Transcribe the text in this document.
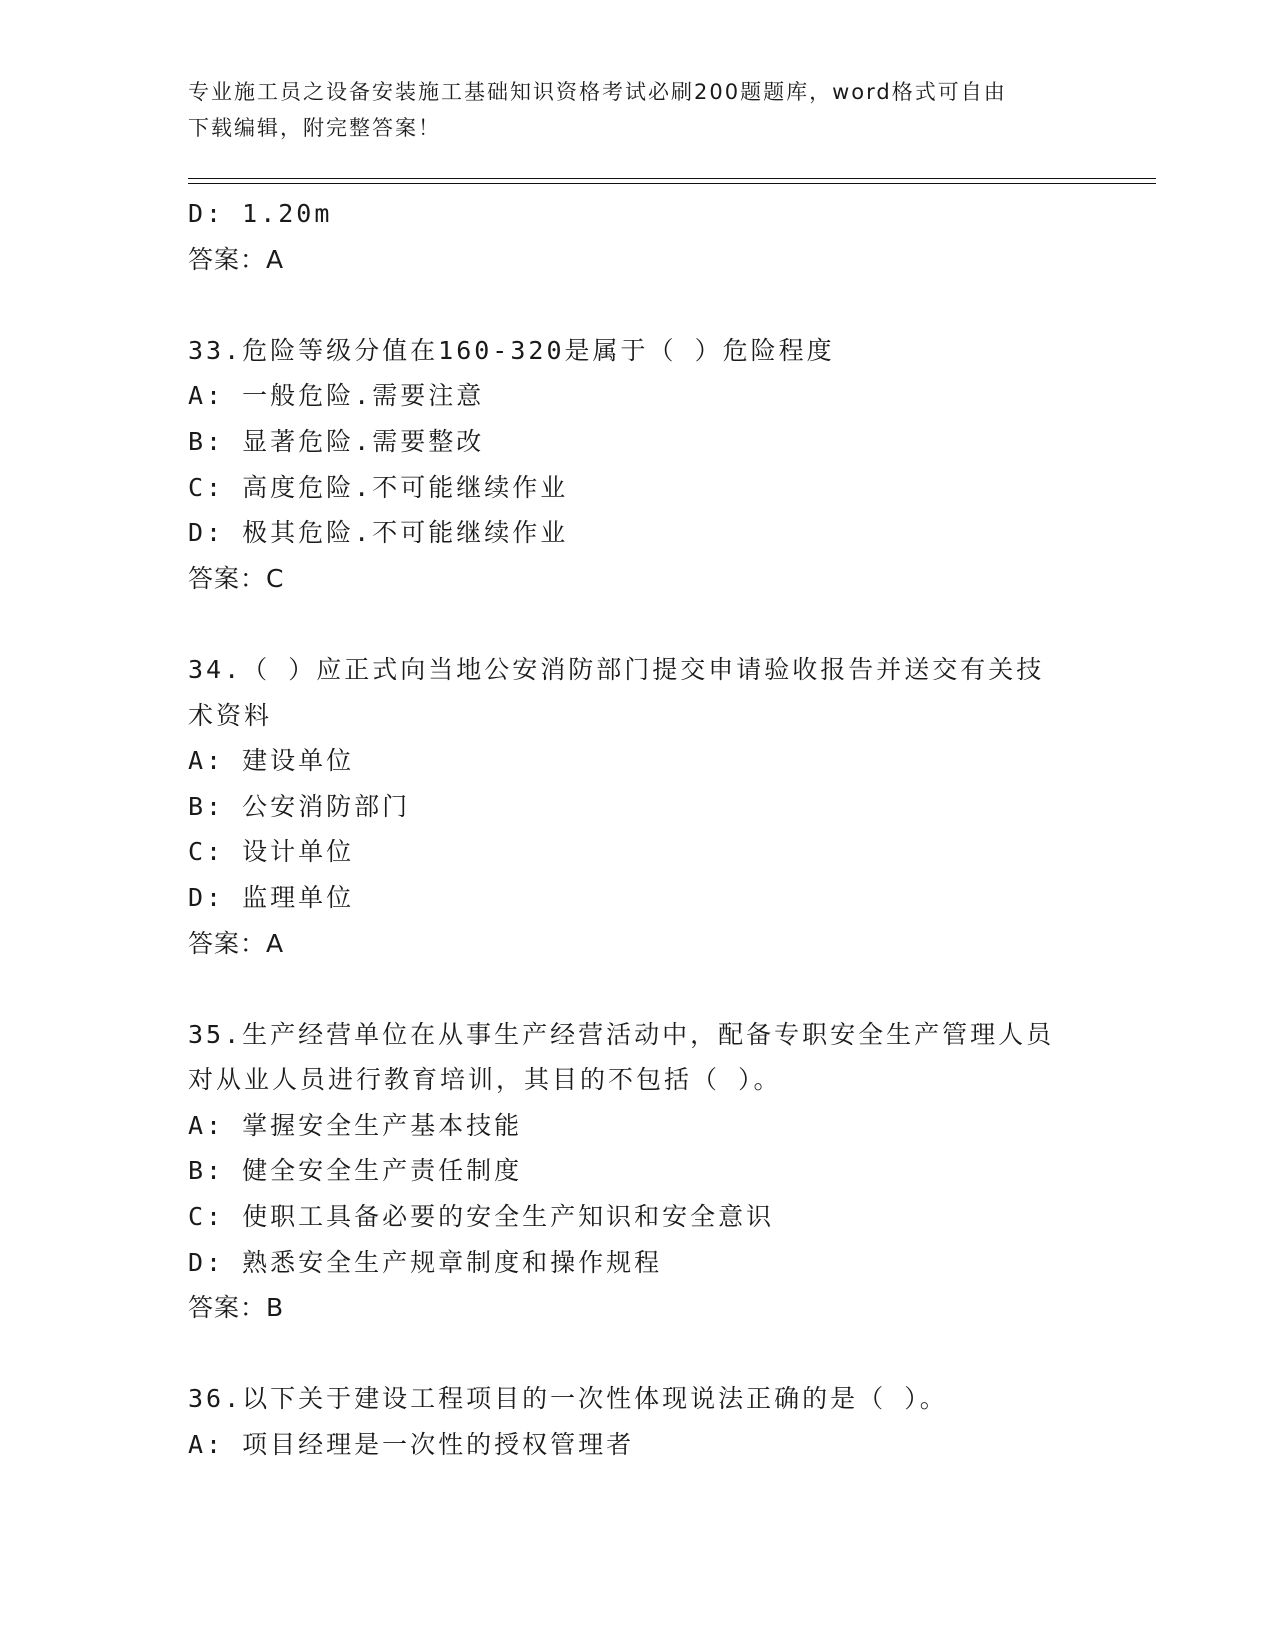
专业施工员之设备安装施工基础知识资格考试必刷200题题库，word格式可自由
下载编辑，附完整答案！
D: 1.20m
答案：A
33.危险等级分值在160-320是属于（ ）危险程度
A: 一般危险.需要注意
B: 显著危险.需要整改
C: 高度危险.不可能继续作业
D: 极其危险.不可能继续作业
答案：C
34.（ ）应正式向当地公安消防部门提交申请验收报告并送交有关技
术资料
A: 建设单位
B: 公安消防部门
C: 设计单位
D: 监理单位
答案：A
35.生产经营单位在从事生产经营活动中，配备专职安全生产管理人员
对从业人员进行教育培训，其目的不包括（ ）。
A: 掌握安全生产基本技能
B: 健全安全生产责任制度
C: 使职工具备必要的安全生产知识和安全意识
D: 熟悉安全生产规章制度和操作规程
答案：B
36.以下关于建设工程项目的一次性体现说法正确的是（ ）。
A: 项目经理是一次性的授权管理者
